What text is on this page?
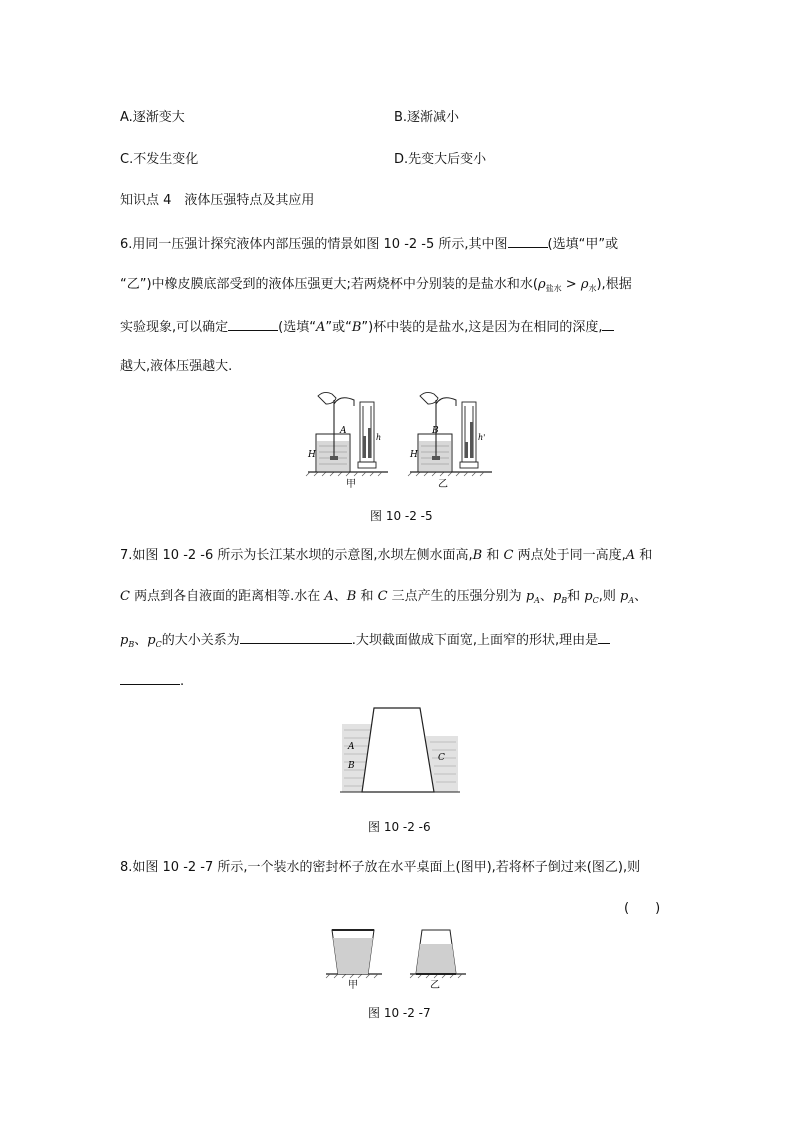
A.逐渐变大	B.逐渐减小
C.不发生变化	D.先变大后变小
知识点 4　液体压强特点及其应用
6.用同一压强计探究液体内部压强的情景如图 10 -2 -5 所示,其中图	(选填“甲”或
“乙”)中橡皮膜底部受到的液体压强更大;若两烧杯中分别装的是盐水和水$(\rho_{盐水} > \rho_水)$,根据
实验现象,可以确定	(选填“A”或“B”)杯中装的是盐水,这是因为在相同的深度,
越大,液体压强越大.
A
h
H
B
h'
H
甲	乙
图 10 -2 -5
7.如图 10 -2 -6 所示为长江某水坝的示意图,水坝左侧水面高,B 和 C 两点处于同一高度,A 和
C 两点到各自液面的距离相等.水在 A、B 和 C 三点产生的压强分别为 $p_A$、$p_B$和 $p_C$,则 $p_A$、
$p_B$、$p_C$的大小关系为	.大坝截面做成下面宽,上面窄的形状,理由是
.
A
B
C
图 10 -2 -6
8.如图 10 -2 -7 所示,一个装水的密封杯子放在水平桌面上(图甲),若将杯子倒过来(图乙),则
(　　)
甲	乙
图 10 -2 -7
